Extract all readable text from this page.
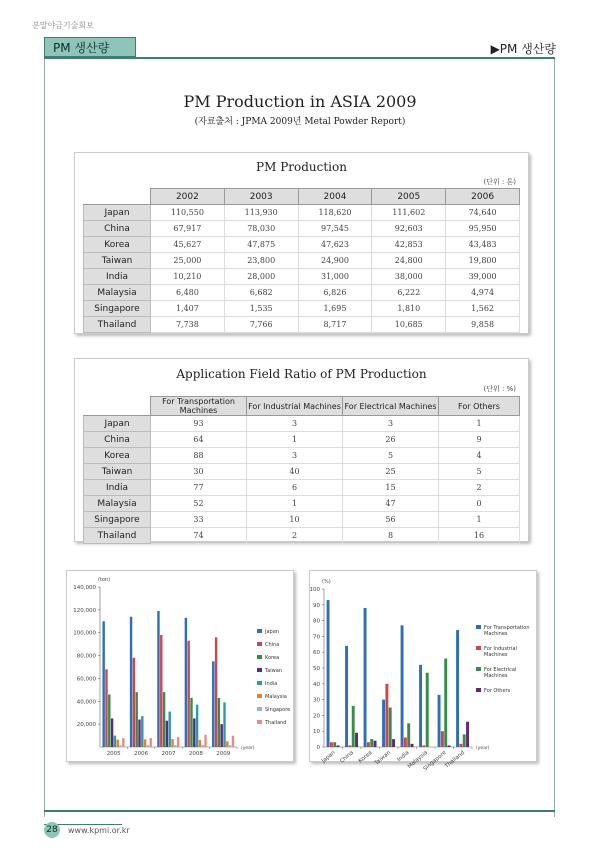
분말야금기술회보
PM 생산량	▶PM 생산량
PM Production in ASIA 2009
(자료출처 : JPMA 2009년 Metal Powder Report)
PM Production
(단위 : 톤)
	2002	2003	2004	2005	2006
Japan	110,550	113,930	118,620	111,602	74,640
China	67,917	78,030	97,545	92,603	95,950
Korea	45,627	47,875	47,623	42,853	43,483
Taiwan	25,000	23,800	24,900	24,800	19,800
India	10,210	28,000	31,000	38,000	39,000
Malaysia	6,480	6,682	6,826	6,222	4,974
Singapore	1,407	1,535	1,695	1,810	1,562
Thailand	7,738	7,766	8,717	10,685	9,858
Application Field Ratio of PM Production
(단위 : %)
	For Transportation Machines	For Industrial Machines	For Electrical Machines	For Others
Japan	93	3	3	1
China	64	1	26	9
Korea	88	3	5	4
Taiwan	30	40	25	5
India	77	6	15	2
Malaysia	52	1	47	0
Singapore	33	10	56	1
Thailand	74	2	8	16
140,000
120,000
100,000
80,000
60,000
40,000
20,000
(ton)
2005 2006 2007 2008 2009
(year)
Japan
China
Korea
Taiwan
India
Malaysia
Singapore
Thailand
100
90
80
70
60
50
40
30
20
10
0
(%)
Japan China Korea Taiwan India
Malaysia
Singapore
Thailand
(year)
For Transportation Machines
For Industrial Machines
For Electrical Machines
For Others
28 www.kpmi.or.kr
